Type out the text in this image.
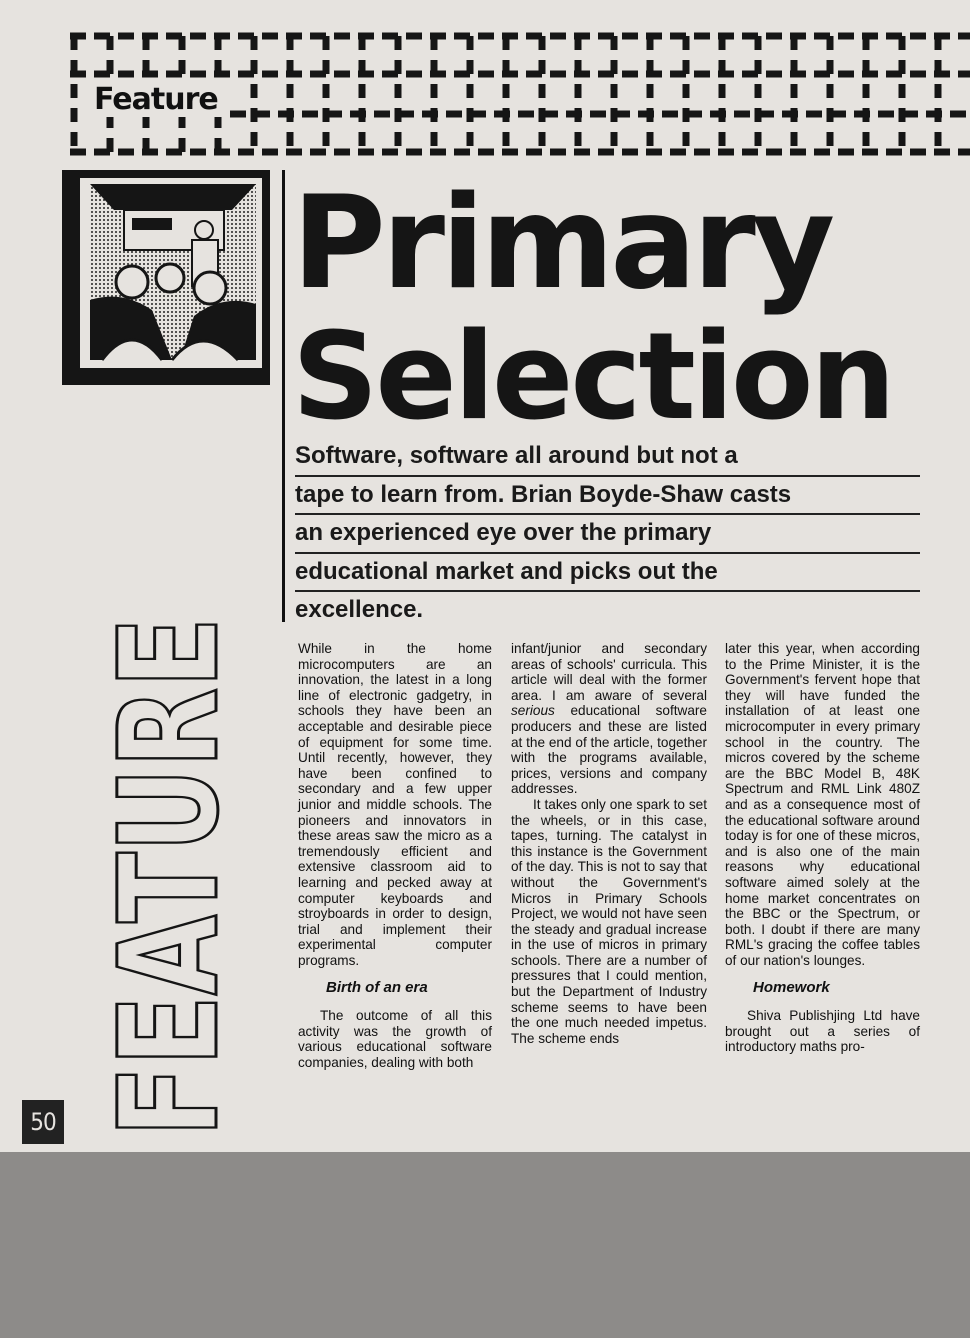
Feature
Primary
Selection
Software, software all around but not a
tape to learn from. Brian Boyde-Shaw casts
an experienced eye over the primary
educational market and picks out the
excellence.
FEATURE
50

While in the home microcomputers are an innovation, the latest in a long line of electronic gadgetry, in schools they have been an acceptable and desirable piece of equipment for some time. Until recently, however, they have been confined to secondary and a few upper junior and middle schools. The pioneers and innovators in these areas saw the micro as a tremendously efficient and extensive classroom aid to learning and pecked away at computer keyboards and stroyboards in order to design, trial and implement their experimental computer programs.

Birth of an era

The outcome of all this activity was the growth of various educational software companies, dealing with both

infant/junior and secondary areas of schools' curricula. This article will deal with the former area. I am aware of several serious educational software producers and these are listed at the end of the article, together with the programs available, prices, versions and company addresses.

It takes only one spark to set the wheels, or in this case, tapes, turning. The catalyst in this instance is the Government of the day. This is not to say that without the Government's Micros in Primary Schools Project, we would not have seen the steady and gradual increase in the use of micros in primary schools. There are a number of pressures that I could mention, but the Department of Industry scheme seems to have been the one much needed impetus. The scheme ends

later this year, when according to the Prime Minister, it is the Government's fervent hope that they will have funded the installation of at least one microcomputer in every primary school in the country. The micros covered by the scheme are the BBC Model B, 48K Spectrum and RML Link 480Z and as a consequence most of the educational software around today is for one of these micros, and is also one of the main reasons why educational software aimed solely at the home market concentrates on the BBC or the Spectrum, or both. I doubt if there are many RML's gracing the coffee tables of our nation's lounges.

Homework

Shiva Publishjing Ltd have brought out a series of introductory maths pro-
